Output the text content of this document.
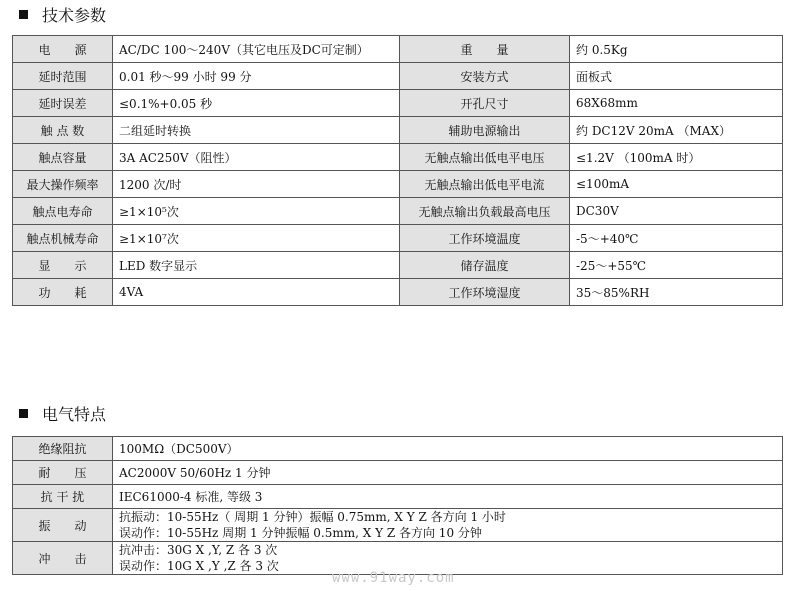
技术参数
电　　源	AC/DC 100～240V（其它电压及DC可定制）	重　　量	约 0.5Kg
延时范围	0.01 秒～99 小时 99 分	安装方式	面板式
延时误差	≤0.1%+0.05 秒	开孔尺寸	68X68mm
触 点 数	二组延时转换	辅助电源输出	约 DC12V 20mA （MAX）
触点容量	3A AC250V（阻性）	无触点输出低电平电压	≤1.2V （100mA 时）
最大操作频率	1200 次/时	无触点输出低电平电流	≤100mA
触点电寿命	≥1×10⁵次	无触点输出负载最高电压	DC30V
触点机械寿命	≥1×10⁷次	工作环境温度	-5～+40℃
显　　示	LED 数字显示	储存温度	-25～+55℃
功　　耗	4VA	工作环境湿度	35～85%RH
电气特点
绝缘阻抗	100MΩ（DC500V）

耐　　压	AC2000V 50/60Hz 1 分钟

抗 干 扰	IEC61000-4 标准, 等级 3

振　　动	抗振动：10-55Hz（ 周期 1 分钟）振幅 0.75mm, X Y Z 各方向 1 小时
误动作：10-55Hz 周期 1 分钟振幅 0.5mm, X Y Z 各方向 10 分钟

冲　　击	抗冲击：30G X ,Y, Z 各 3 次
误动作：10G X ,Y ,Z 各 3 次
www.91way.com
